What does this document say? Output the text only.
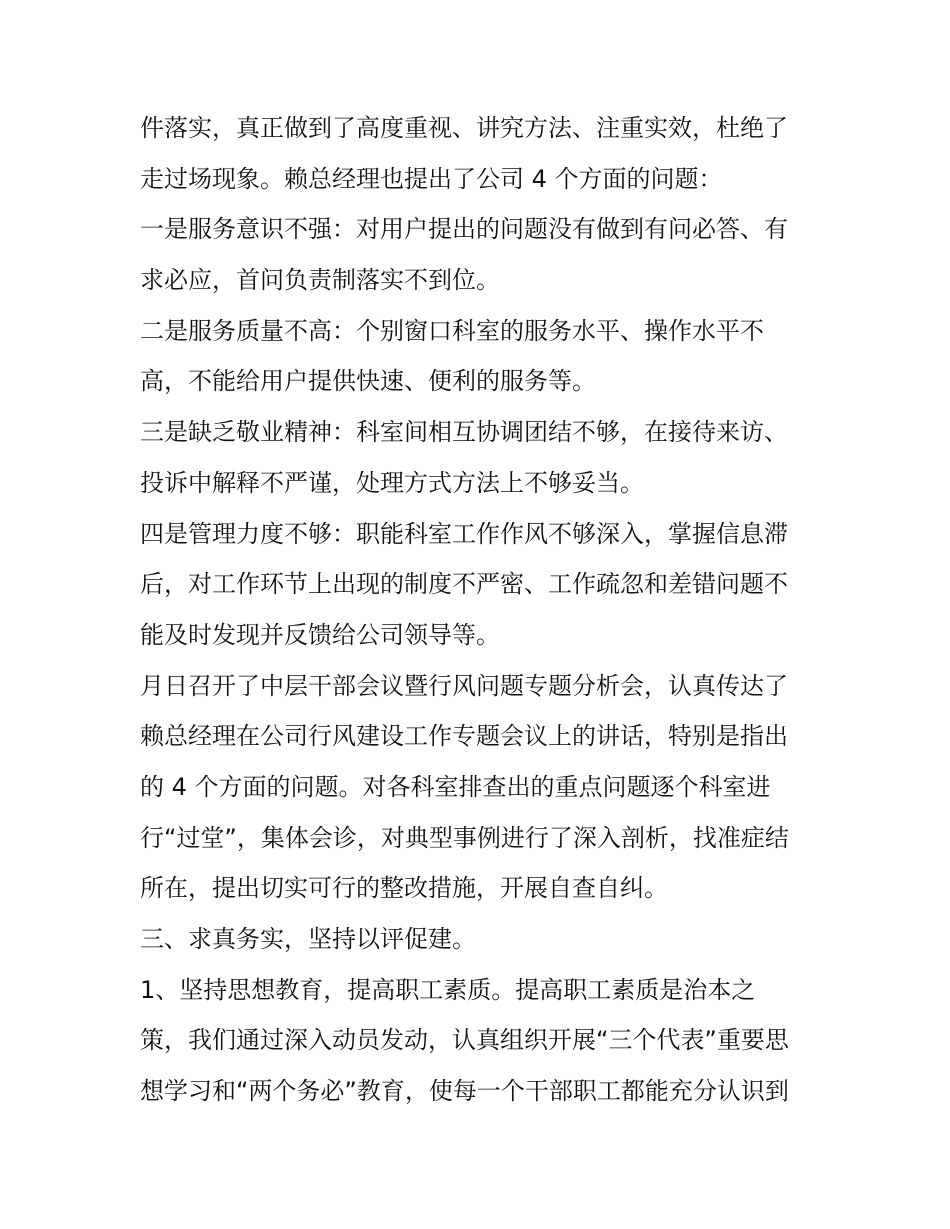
件落实，真正做到了高度重视、讲究方法、注重实效，杜绝了

走过场现象。赖总经理也提出了公司 4 个方面的问题：

一是服务意识不强：对用户提出的问题没有做到有问必答、有

求必应，首问负责制落实不到位。

二是服务质量不高：个别窗口科室的服务水平、操作水平不

高，不能给用户提供快速、便利的服务等。

三是缺乏敬业精神：科室间相互协调团结不够，在接待来访、

投诉中解释不严谨，处理方式方法上不够妥当。

四是管理力度不够：职能科室工作作风不够深入，掌握信息滞

后，对工作环节上出现的制度不严密、工作疏忽和差错问题不

能及时发现并反馈给公司领导等。

月日召开了中层干部会议暨行风问题专题分析会，认真传达了

赖总经理在公司行风建设工作专题会议上的讲话，特别是指出

的 4 个方面的问题。对各科室排查出的重点问题逐个科室进

行“过堂”，集体会诊，对典型事例进行了深入剖析，找准症结

所在，提出切实可行的整改措施，开展自查自纠。

三、求真务实，坚持以评促建。

1、坚持思想教育，提高职工素质。提高职工素质是治本之

策，我们通过深入动员发动，认真组织开展“三个代表”重要思

想学习和“两个务必”教育，使每一个干部职工都能充分认识到
